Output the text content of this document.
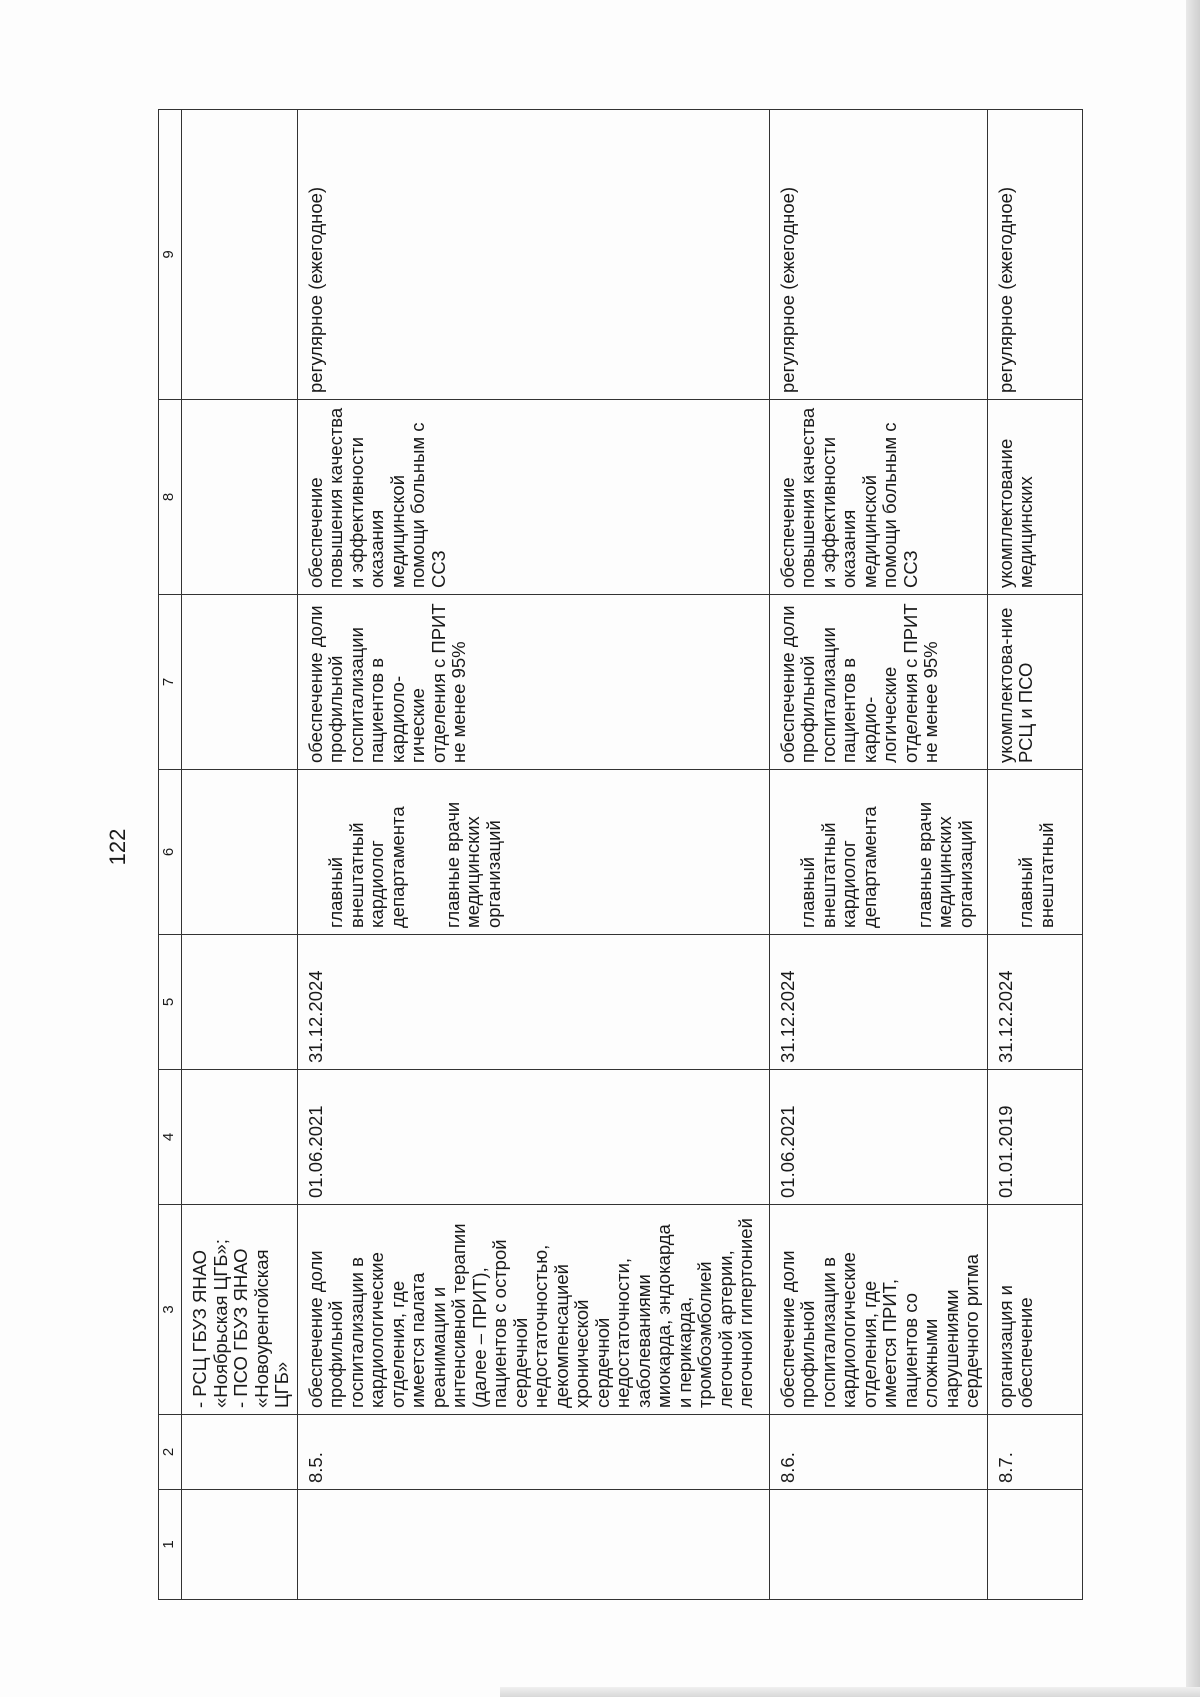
122
1	2	3	4	5	6	7	8	9
		- РСЦ ГБУЗ ЯНАО «Ноябрьская ЦГБ»;
- ПСО ГБУЗ ЯНАО «Новоуренгойская ЦГБ»			

	8.5.	обеспечение доли профильной госпитализации в кардиологические отделения, где имеется палата реанимации и интенсивной терапии (далее – ПРИТ), пациентов с острой сердечной недостаточностью, декомпенсацией хронической сердечной недостаточности, заболеваниями миокарда, эндокарда и перикарда, тромбоэмболией легочной артерии, легочной гипертонией	01.06.2021	31.12.2024	главный внештатный кардиолог департамента главные врачи медицинских организаций	обеспечение доли профильной госпитализации пациентов в кардиоло-гические отделения с ПРИТ не менее 95%	обеспечение повышения качества и эффективности оказания медицинской помощи больным с ССЗ	регулярное (ежегодное)
	8.6.	обеспечение доли профильной госпитализации в кардиологические отделения, где имеется ПРИТ, пациентов со сложными нарушениями сердечного ритма	01.06.2021	31.12.2024	главный внештатный кардиолог департамента главные врачи медицинских организаций	обеспечение доли профильной госпитализации пациентов в кардио-логические отделения с ПРИТ не менее 95%	обеспечение повышения качества и эффективности оказания медицинской помощи больным с ССЗ	регулярное (ежегодное)
	8.7.	организация и обеспечение	01.01.2019	31.12.2024	главный внештатный	укомплектова-ние РСЦ и ПСО	укомплектование медицинских	регулярное (ежегодное)
